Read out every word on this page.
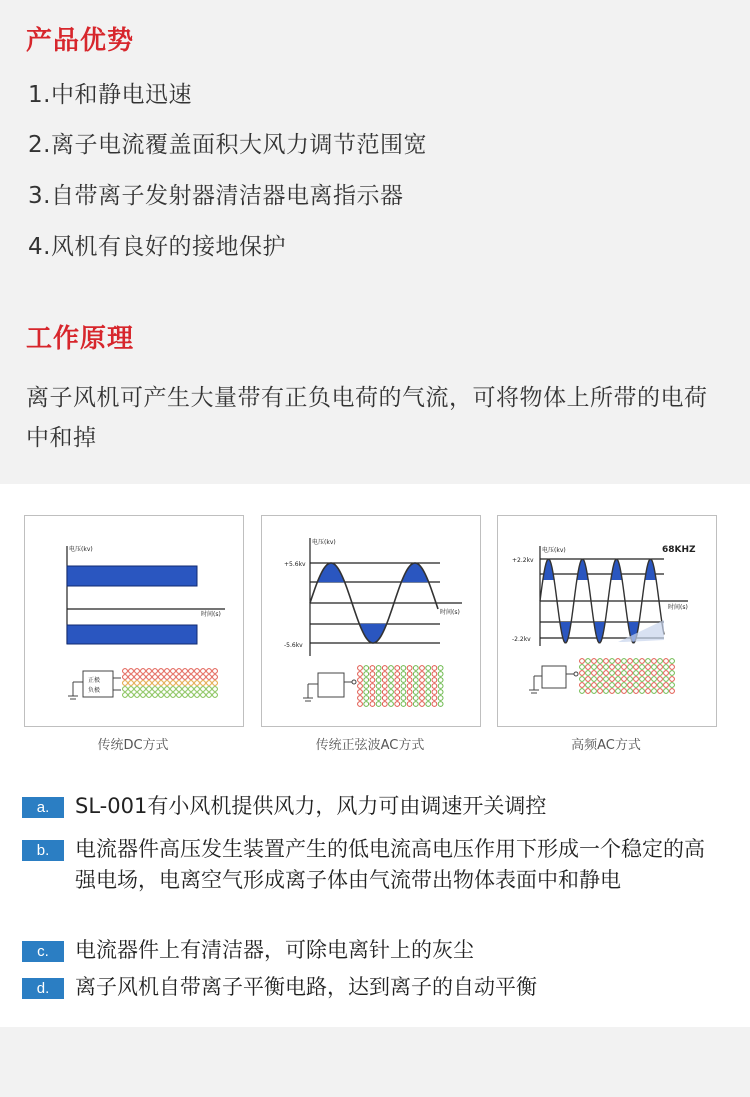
产品优势
1.中和静电迅速
2.离子电流覆盖面积大风力调节范围宽
3.自带离子发射器清洁器电离指示器
4.风机有良好的接地保护
工作原理
离子风机可产生大量带有正负电荷的气流，可将物体上所带的电荷中和掉
电压(kv)
时间(s)
正极
负极
传统DC方式
电压(kv)
时间(s)
+5.6kv
-5.6kv
传统正弦波AC方式
电压(kv)
时间(s)
+2.2kv
-2.2kv
68KHZ
高频AC方式
a.	SL-001有小风机提供风力，风力可由调速开关调控
b.	电流器件高压发生装置产生的低电流高电压作用下形成一个稳定的高强电场，电离空气形成离子体由气流带出物体表面中和静电
c.	电流器件上有清洁器，可除电离针上的灰尘
d.	离子风机自带离子平衡电路，达到离子的自动平衡
